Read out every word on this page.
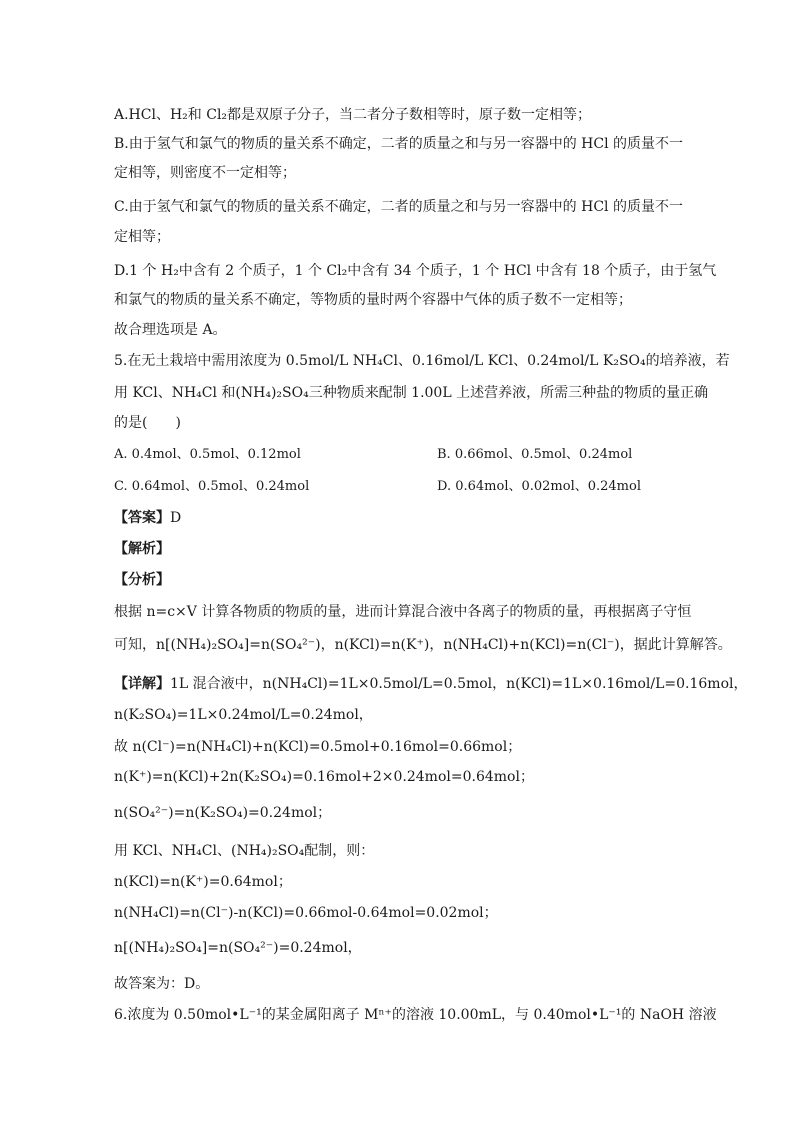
A.HCl、H₂和 Cl₂都是双原子分子，当二者分子数相等时，原子数一定相等；
B.由于氢气和氯气的物质的量关系不确定，二者的质量之和与另一容器中的 HCl 的质量不一
定相等，则密度不一定相等；
C.由于氢气和氯气的物质的量关系不确定，二者的质量之和与另一容器中的 HCl 的质量不一
定相等；
D.1 个 H₂中含有 2 个质子，1 个 Cl₂中含有 34 个质子，1 个 HCl 中含有 18 个质子，由于氢气
和氯气的物质的量关系不确定，等物质的量时两个容器中气体的质子数不一定相等；
故合理选项是 A。
5.在无土栽培中需用浓度为 0.5mol/L NH₄Cl、0.16mol/L KCl、0.24mol/L K₂SO₄的培养液，若
用 KCl、NH₄Cl 和(NH₄)₂SO₄三种物质来配制 1.00L 上述营养液，所需三种盐的物质的量正确
的是(　　)
A. 0.4mol、0.5mol、0.12mol	B. 0.66mol、0.5mol、0.24mol
C. 0.64mol、0.5mol、0.24mol	D. 0.64mol、0.02mol、0.24mol
【答案】D
【解析】
【分析】
根据 n=c×V 计算各物质的物质的量，进而计算混合液中各离子的物质的量，再根据离子守恒
可知，n[(NH₄)₂SO₄]=n(SO₄²⁻)，n(KCl)=n(K⁺)，n(NH₄Cl)+n(KCl)=n(Cl⁻)，据此计算解答。
【详解】1L 混合液中，n(NH₄Cl)=1L×0.5mol/L=0.5mol，n(KCl)=1L×0.16mol/L=0.16mol，
n(K₂SO₄)=1L×0.24mol/L=0.24mol，
故 n(Cl⁻)=n(NH₄Cl)+n(KCl)=0.5mol+0.16mol=0.66mol；
n(K⁺)=n(KCl)+2n(K₂SO₄)=0.16mol+2×0.24mol=0.64mol；
n(SO₄²⁻)=n(K₂SO₄)=0.24mol；
用 KCl、NH₄Cl、(NH₄)₂SO₄配制，则：
n(KCl)=n(K⁺)=0.64mol；
n(NH₄Cl)=n(Cl⁻)-n(KCl)=0.66mol-0.64mol=0.02mol；
n[(NH₄)₂SO₄]=n(SO₄²⁻)=0.24mol，
故答案为：D。
6.浓度为 0.50mol•L⁻¹的某金属阳离子 Mⁿ⁺的溶液 10.00mL，与 0.40mol•L⁻¹的 NaOH 溶液
